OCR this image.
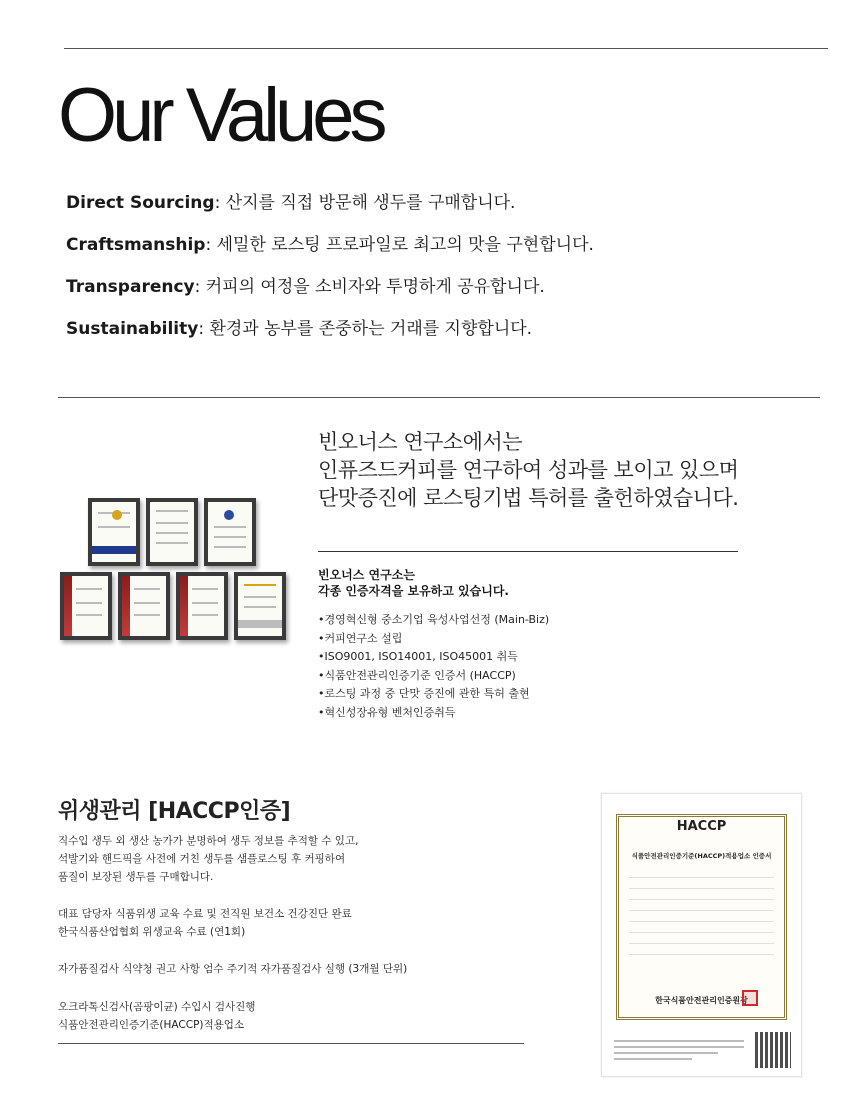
Our Values

Direct Sourcing: 산지를 직접 방문해 생두를 구매합니다.

Craftsmanship: 세밀한 로스팅 프로파일로 최고의 맛을 구현합니다.

Transparency: 커피의 여정을 소비자와 투명하게 공유합니다.

Sustainability: 환경과 농부를 존중하는 거래를 지향합니다.

빈오너스 연구소에서는
인퓨즈드커피를 연구하여 성과를 보이고 있으며
단맛증진에 로스팅기법 특허를 출헌하였습니다.
빈오너스 연구소는
각종 인증자격을 보유하고 있습니다.
•경영혁신형 중소기업 육성사업선정 (Main-Biz)
•커피연구소 설립
•ISO9001, ISO14001, ISO45001 취득
•식품안전관리인증기준 인증서 (HACCP)
•로스팅 과정 중 단맛 증진에 관한 특허 출현
•혁신성장유형 벤처인증취득
위생관리 [HACCP인증]
직수입 생두 외 생산 농가가 분명하여 생두 정보를 추적할 수 있고,
석발기와 핸드픽을 사전에 거친 생두를 샘플로스팅 후 커핑하여
품질이 보장된 생두를 구매합니다.
대표 담당자 식품위생 교육 수료 및 전직원 보건소 건강진단 완료
한국식품산업협회 위생교육 수료 (연1회)
자가품질검사 식약청 권고 사항 엄수 주기적 자가품질검사 실행 (3개월 단위)
오크라톡신검사(곰팡이균) 수입시 검사진행
식품안전관리인증기준(HACCP)적용업소
HACCP
식품안전관리인증기준(HACCP)적용업소 인증서
한국식품안전관리인증원장
